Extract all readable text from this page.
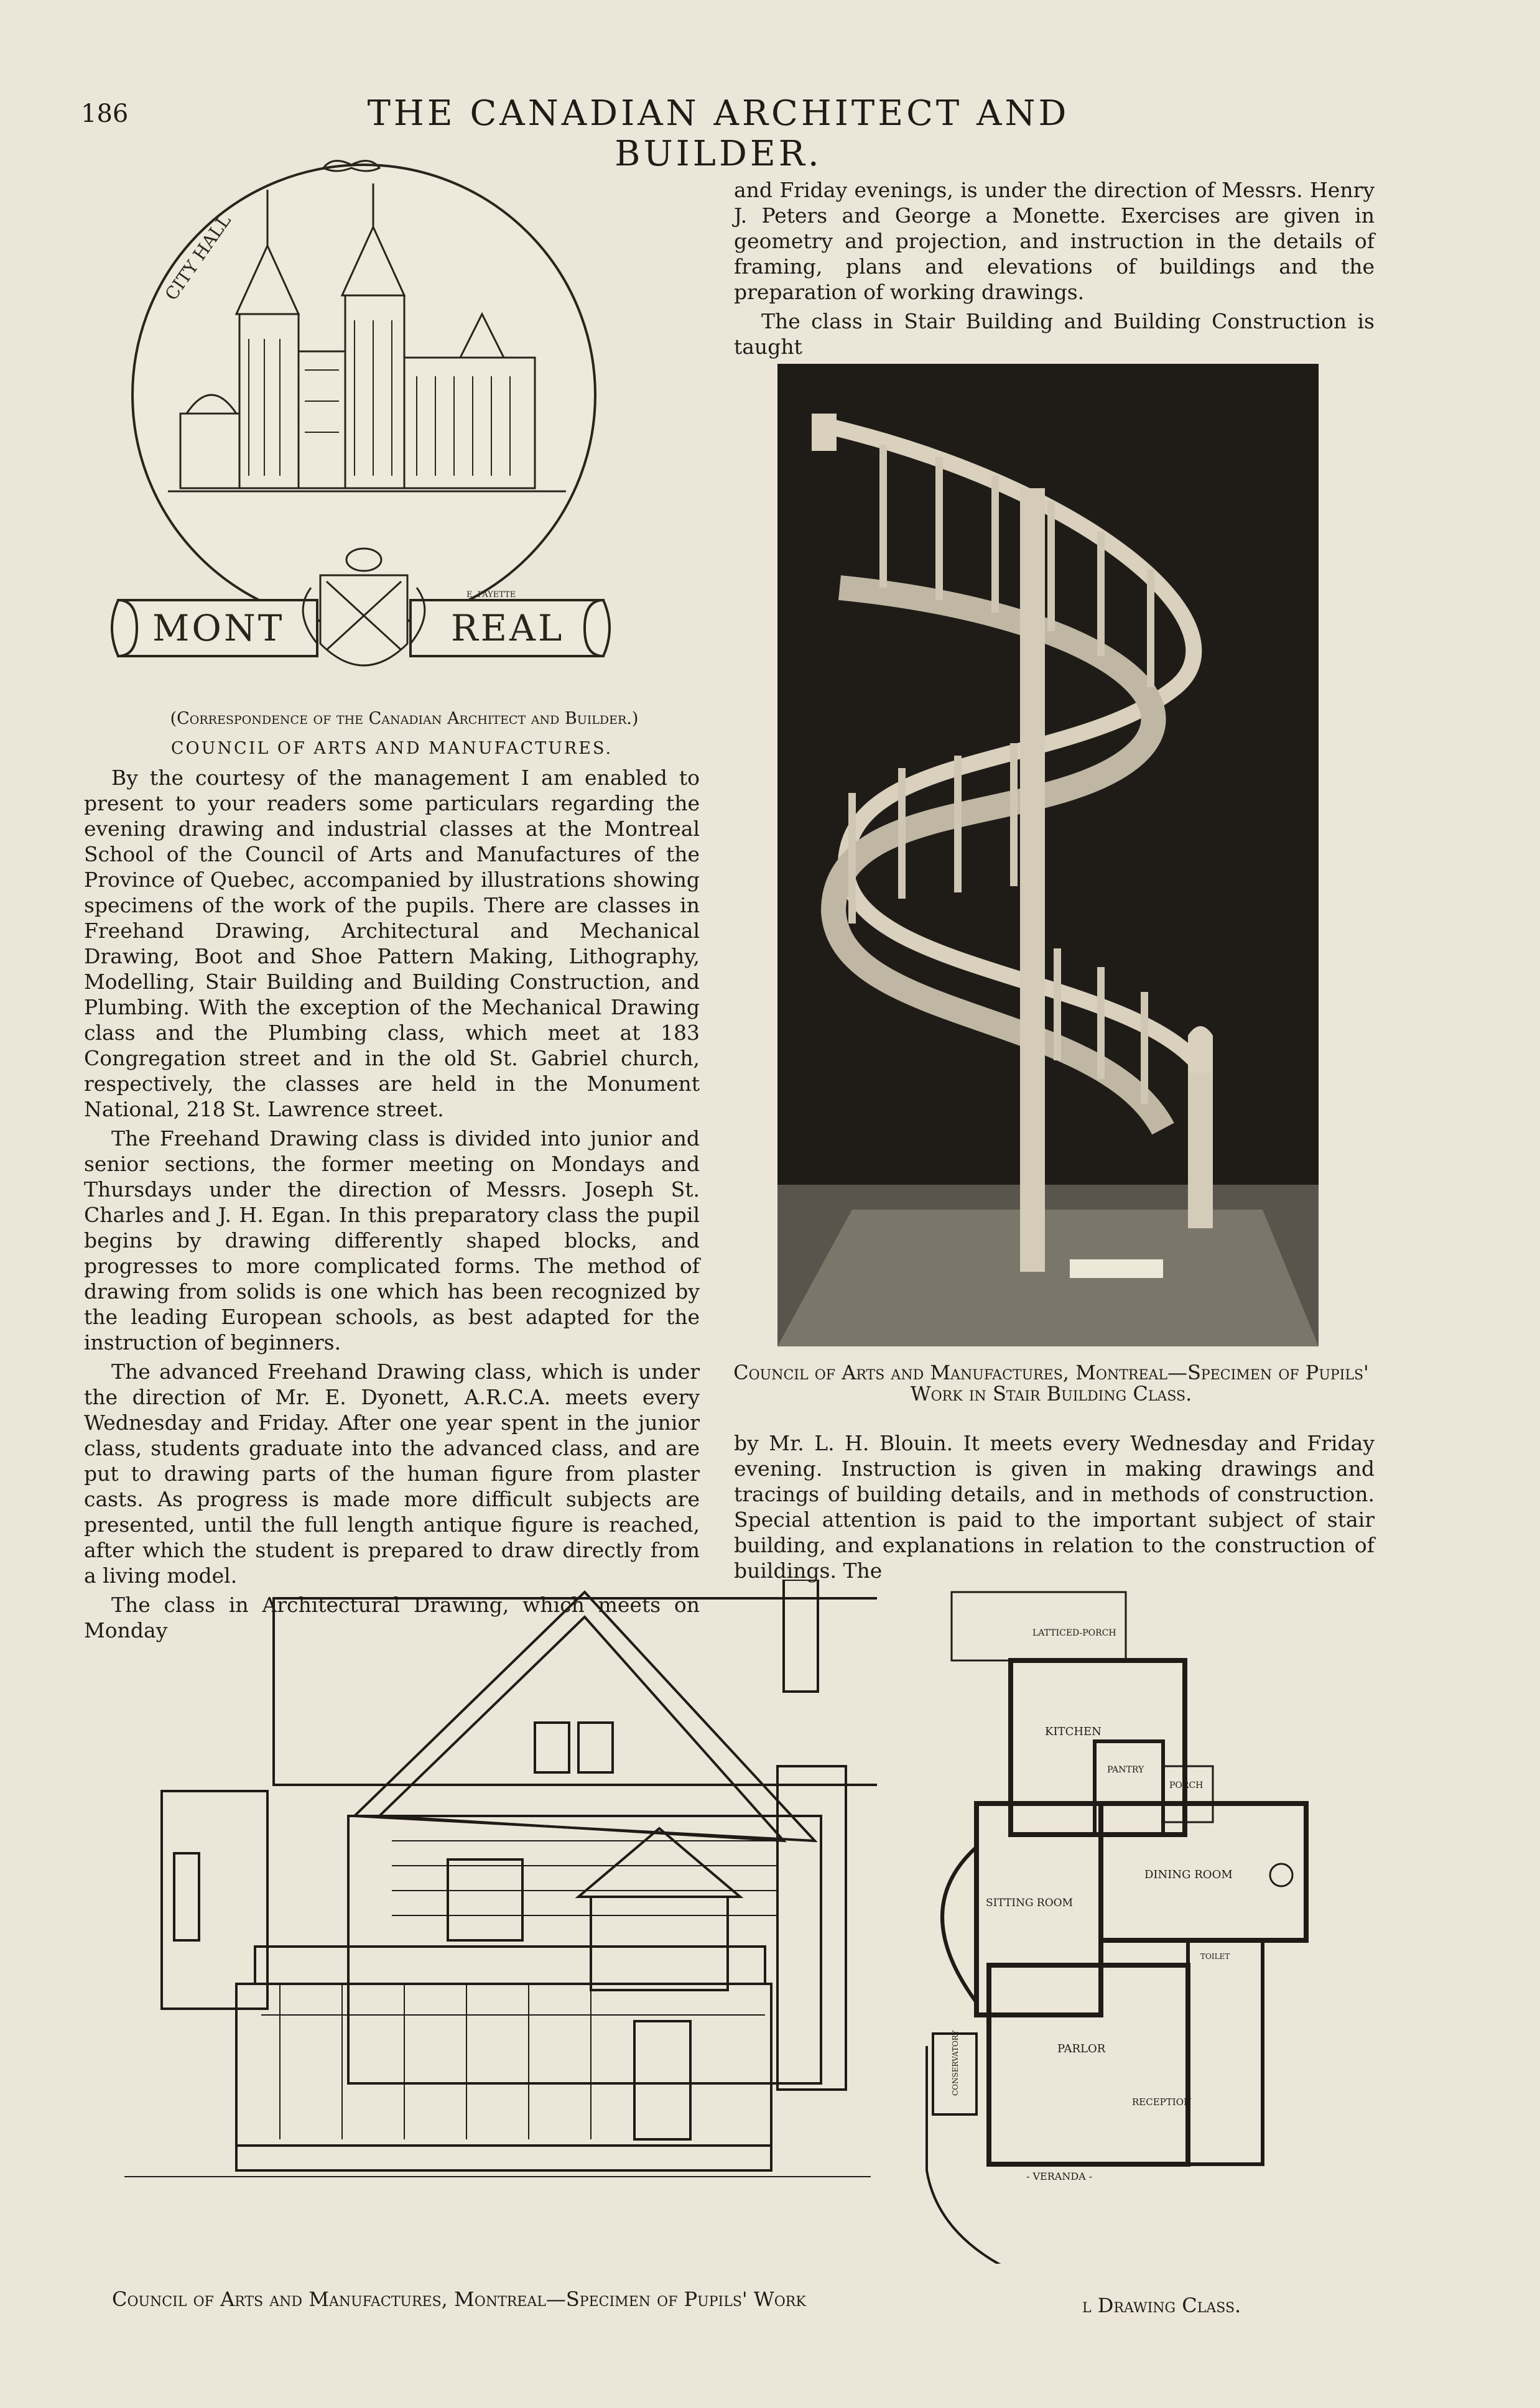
186	THE CANADIAN ARCHITECT AND BUILDER.
CITY HALL
E. PAYETTE
MONT	REAL
(Correspondence of the Canadian Architect and Builder.)
COUNCIL OF ARTS AND MANUFACTURES.

By the courtesy of the management I am enabled to present to your readers some particulars regarding the evening drawing and industrial classes at the Montreal School of the Council of Arts and Manufactures of the Province of Quebec, accompanied by illustrations showing specimens of the work of the pupils. There are classes in Freehand Drawing, Architectural and Mechanical Drawing, Boot and Shoe Pattern Making, Lithography, Modelling, Stair Building and Building Construction, and Plumbing. With the exception of the Mechanical Drawing class and the Plumbing class, which meet at 183 Congregation street and in the old St. Gabriel church, respectively, the classes are held in the Monument National, 218 St. Lawrence street.

The Freehand Drawing class is divided into junior and senior sections, the former meeting on Mondays and Thursdays under the direction of Messrs. Joseph St. Charles and J. H. Egan. In this preparatory class the pupil begins by drawing differently shaped blocks, and progresses to more complicated forms. The method of drawing from solids is one which has been recognized by the leading European schools, as best adapted for the instruction of beginners.

The advanced Freehand Drawing class, which is under the direction of Mr. E. Dyonett, A.R.C.A. meets every Wednesday and Friday. After one year spent in the junior class, students graduate into the advanced class, and are put to drawing parts of the human figure from plaster casts. As progress is made more difficult subjects are presented, until the full length antique figure is reached, after which the student is prepared to draw directly from a living model.

The class in Architectural Drawing, which meets on Monday

and Friday evenings, is under the direction of Messrs. Henry J. Peters and George a Monette. Exercises are given in geometry and projection, and instruction in the details of framing, plans and elevations of buildings and the preparation of working drawings.

The class in Stair Building and Building Construction is taught

Council of Arts and Manufactures, Montreal—Specimen of Pupils' Work in Stair Building Class.

by Mr. L. H. Blouin. It meets every Wednesday and Friday evening. Instruction is given in making drawings and tracings of building details, and in methods of construction. Special attention is paid to the important subject of stair building, and explanations in relation to the construction of buildings. The

LATTICED-PORCH
KITCHEN
PANTRY
PORCH
DINING ROOM
SITTING ROOM
TOILET
CONSERVATORY	PARLOR
RECEPTION
- VERANDA -
Council of Arts and Manufactures, Montreal—Specimen of Pupils' Work	l Drawing Class.
